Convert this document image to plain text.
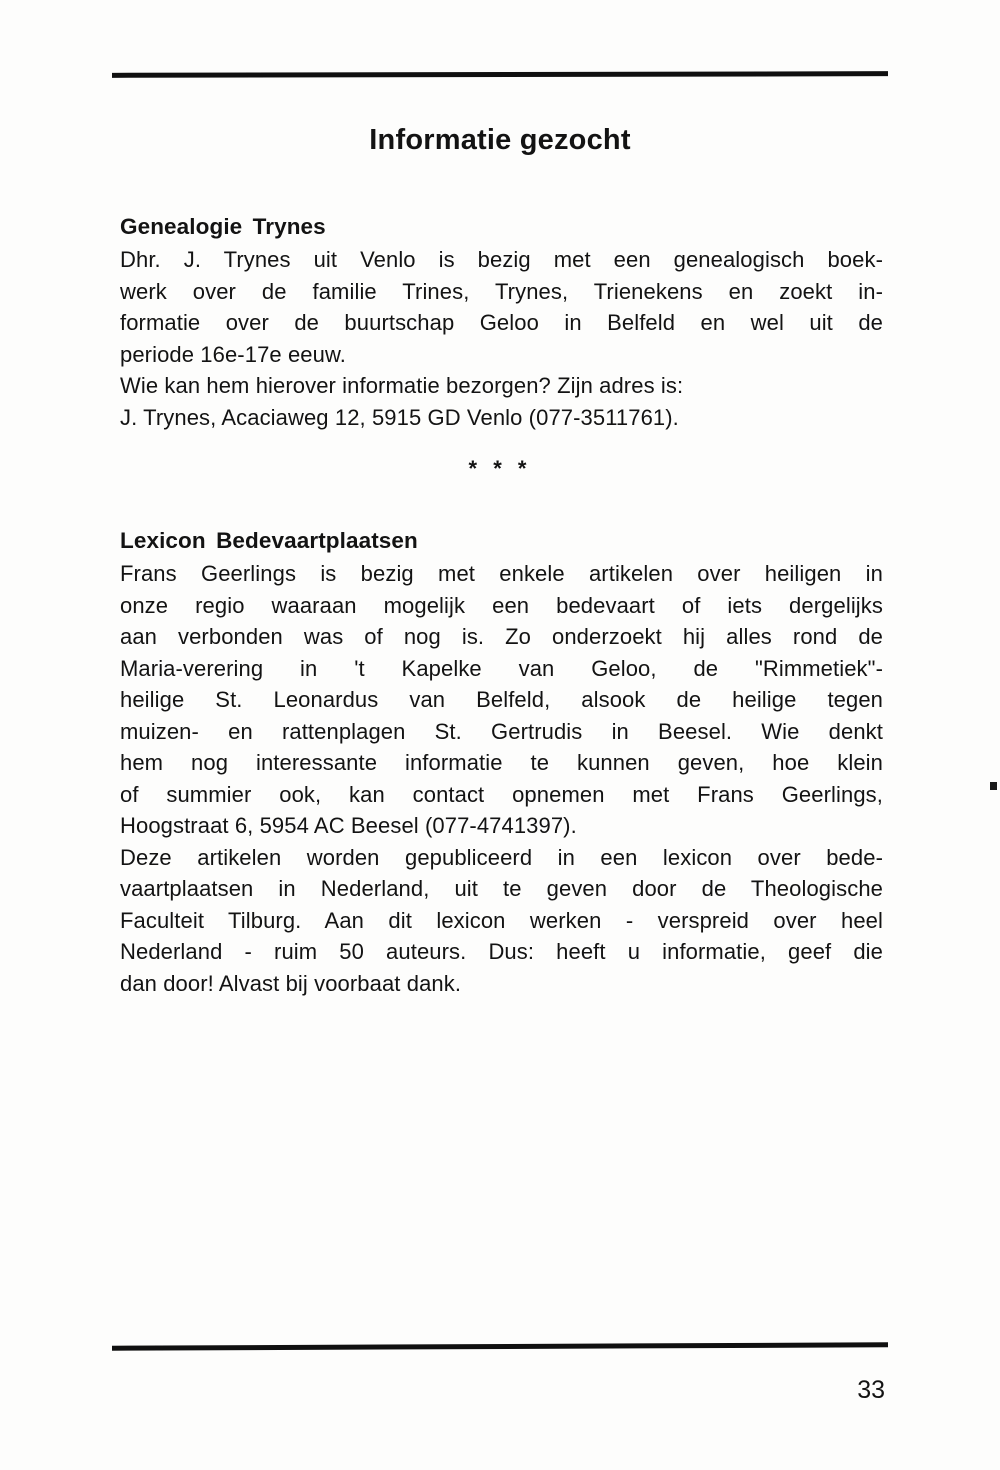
Informatie gezocht
Genealogie Trynes
Dhr. J. Trynes uit Venlo is bezig met een genealogisch boek-
werk over de familie Trines, Trynes, Trienekens en zoekt in-
formatie over de buurtschap Geloo in Belfeld en wel uit de
periode 16e-17e eeuw.
Wie kan hem hierover informatie bezorgen? Zijn adres is:
J. Trynes, Acaciaweg 12, 5915 GD Venlo (077-3511761).
* * *
Lexicon Bedevaartplaatsen
Frans Geerlings is bezig met enkele artikelen over heiligen in
onze regio waaraan mogelijk een bedevaart of iets dergelijks
aan verbonden was of nog is. Zo onderzoekt hij alles rond de
Maria-verering in 't Kapelke van Geloo, de "Rimmetiek"-
heilige St. Leonardus van Belfeld, alsook de heilige tegen
muizen- en rattenplagen St. Gertrudis in Beesel. Wie denkt
hem nog interessante informatie te kunnen geven, hoe klein
of summier ook, kan contact opnemen met Frans Geerlings,
Hoogstraat 6, 5954 AC Beesel (077-4741397).
Deze artikelen worden gepubliceerd in een lexicon over bede-
vaartplaatsen in Nederland, uit te geven door de Theologische
Faculteit Tilburg. Aan dit lexicon werken - verspreid over heel
Nederland - ruim 50 auteurs. Dus: heeft u informatie, geef die
dan door! Alvast bij voorbaat dank.
33
